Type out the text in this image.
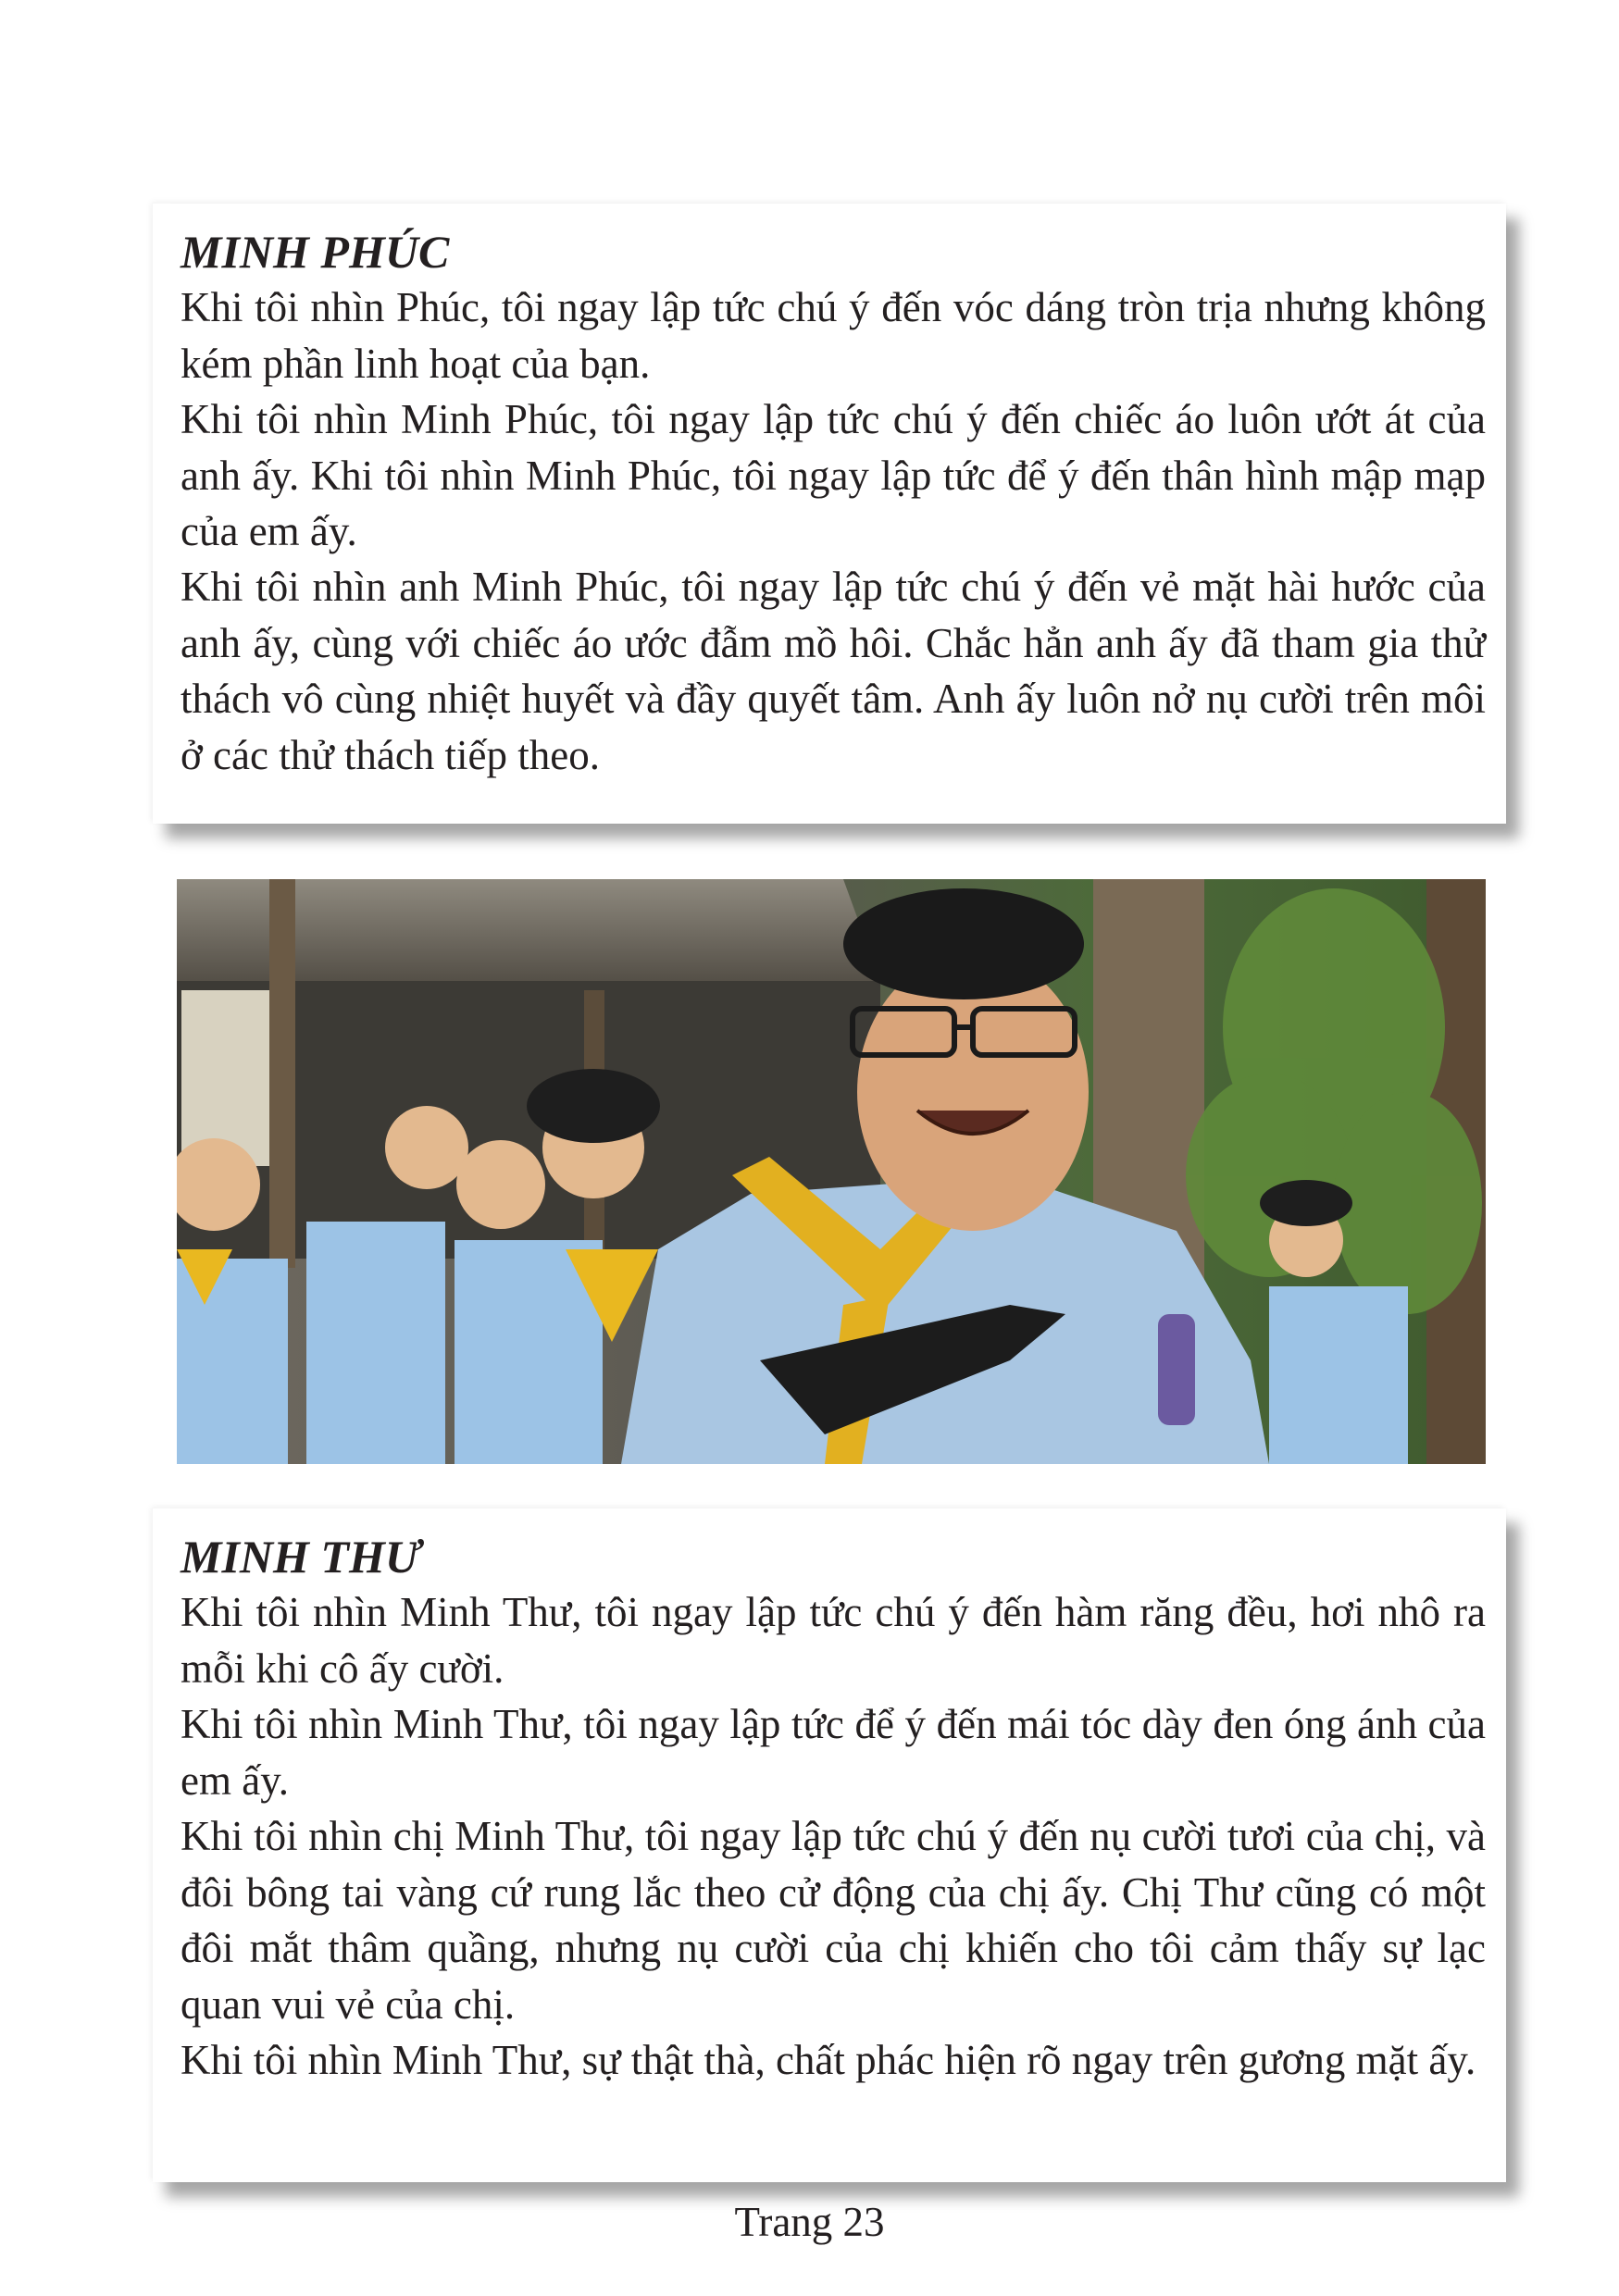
MINH PHÚC

Khi tôi nhìn Phúc, tôi ngay lập tức chú ý đến vóc dáng tròn trịa nhưng không kém phần linh hoạt của bạn.

Khi tôi nhìn Minh Phúc, tôi ngay lập tức chú ý đến chiếc áo luôn ướt át của anh ấy. Khi tôi nhìn Minh Phúc, tôi ngay lập tức để ý đến thân hình mập mạp của em ấy.

Khi tôi nhìn anh Minh Phúc, tôi ngay lập tức chú ý đến vẻ mặt hài hước của anh ấy, cùng với chiếc áo ước đẫm mồ hôi. Chắc hẳn anh ấy đã tham gia thử thách vô cùng nhiệt huyết và đầy quyết tâm. Anh ấy luôn nở nụ cười trên môi ở các thử thách tiếp theo.

MINH THƯ

Khi tôi nhìn Minh Thư, tôi ngay lập tức chú ý đến hàm răng đều, hơi nhô ra mỗi khi cô ấy cười.

Khi tôi nhìn Minh Thư, tôi ngay lập tức để ý đến mái tóc dày đen óng ánh của em ấy.

Khi tôi nhìn chị Minh Thư, tôi ngay lập tức chú ý đến nụ cười tươi của chị, và đôi bông tai vàng cứ rung lắc theo cử động của chị ấy. Chị Thư cũng có một đôi mắt thâm quầng, nhưng nụ cười của chị khiến cho tôi cảm thấy sự lạc quan vui vẻ của chị.

Khi tôi nhìn Minh Thư, sự thật thà, chất phác hiện rõ ngay trên gương mặt ấy.

Trang 23
